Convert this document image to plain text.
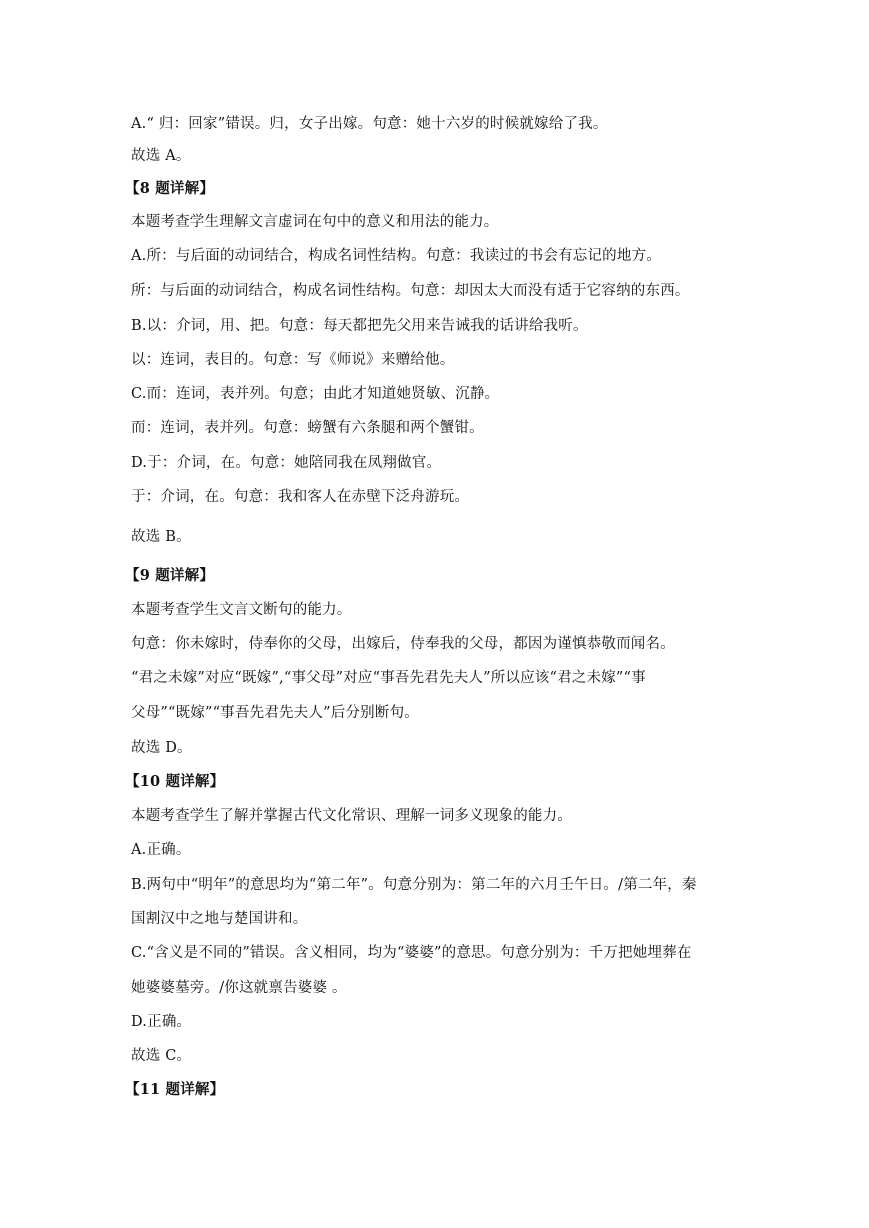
A.“ 归：回家”错误。归，女子出嫁。句意：她十六岁的时候就嫁给了我。
故选 A。
【8 题详解】
本题考查学生理解文言虚词在句中的意义和用法的能力。
A.所：与后面的动词结合，构成名词性结构。句意：我读过的书会有忘记的地方。
所：与后面的动词结合，构成名词性结构。句意：却因太大而没有适于它容纳的东西。
B.以：介词，用、把。句意：每天都把先父用来告诫我的话讲给我听。
以：连词，表目的。句意：写《师说》来赠给他。
C.而：连词，表并列。句意；由此才知道她贤敏、沉静。
而：连词，表并列。句意：螃蟹有六条腿和两个蟹钳。
D.于：介词，在。句意：她陪同我在凤翔做官。
于：介词，在。句意：我和客人在赤壁下泛舟游玩。
故选 B。
【9 题详解】
本题考查学生文言文断句的能力。
句意：你未嫁时，侍奉你的父母，出嫁后，侍奉我的父母，都因为谨慎恭敬而闻名。
“君之未嫁”对应“既嫁”,“事父母”对应“事吾先君先夫人”所以应该“君之未嫁”“事
父母”“既嫁”“事吾先君先夫人”后分别断句。
故选 D。
【10 题详解】
本题考查学生了解并掌握古代文化常识、理解一词多义现象的能力。
A.正确。
B.两句中“明年”的意思均为“第二年”。句意分别为：第二年的六月壬午日。/第二年，秦
国割汉中之地与楚国讲和。
C.“含义是不同的”错误。含义相同，均为“婆婆”的意思。句意分别为：千万把她埋葬在
她婆婆墓旁。/你这就禀告婆婆 。
D.正确。
故选 C。
【11 题详解】
